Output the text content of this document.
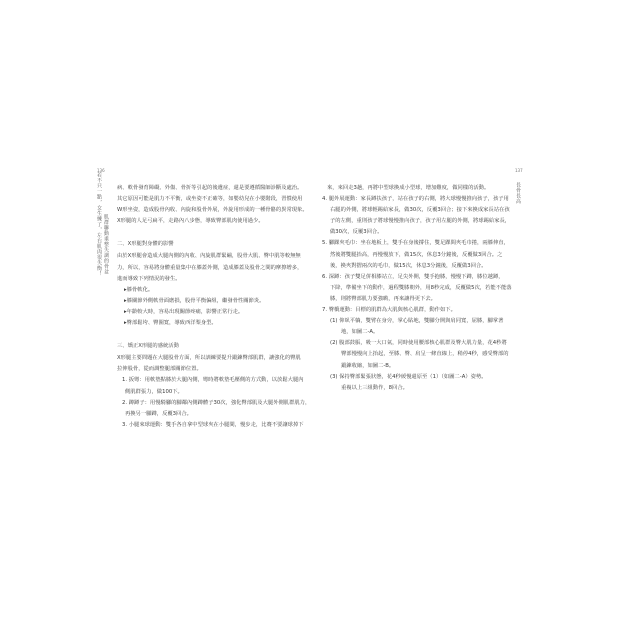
136
若不只一點，女生練了，左右肌肉很失衡！ 肌群聯動重整失調的骨盆

病、軟骨發育障礙、外傷、骨折等引起的後遺症，還是要遵循醫師診斷及處治。

其它原因可能是肌力不平衡，或坐姿不正確等，如嬰幼兒在小嬰階段，習慣使用

W形坐姿，造成股骨內收、內旋和股骨外展，外旋用形成的一種骨骼的異常現象。

X形腿的人足弓扁平，走路內八步態，導致臀部肌肉使用過少。

二、X形腿對身體的影響

由於X形腿會造成大腿內側的內收、內旋肌群緊繃，股骨大肌、臀中肌等較無無

力，所以，容易將身體重量集中在膝蓋外側，造成膝蓋及股骨之間的摩擦增多，

進而導致下列情況的發生。

▸膝骨軟化。

▸膝關節外側軟骨面磨損，股骨平衡偏組，繼發骨性關節炎。

▸年齡較大時，容易出現關節疼痛，影響正常行走。

▸臀部鬆垮、臀圍寬，導致西洋梨身型。

三、矯正X形腿的感統活動

X形腿主要問題在大腿股骨方面，所以訓練要提升鍛鍊臀部肌群，讓強化的臀肌

拉伸股骨，從而調整腿部關節位置。

1. 扳彎：用軟墊點膝於大腿內側，彎時將軟墊毛壓側的方式動，以放鬆大腿內

側肌群張力，做100下。

2. 蹲蹲子：用慢騎腳的腳鄰內側蹲體子30次，強化臀部肌及大腿外側肌群肌力，

再換另一腳蹲，反覆3回合。

3. 小腿來球運動：雙手各自拿中型球夾在小腿間，慢步走，比賽不要讓球掉下

137
長骨長高

來，來回走3趟，再將中型球換成小型球，增加難度，做同樣的活動。

4. 腿外展運動：家長蹲扶孩子，站在孩子的右側，將大球慢慢推向孩子，孩子用

右腿的外側，將球輕踢給家長，做30次，反覆3回合；接下來換成家長站在孩

子的左側，重則孩子將球慢慢推向孩子，孩子用左腿的外側，將球踢給家長，

做30次，反覆3回合。

5. 腳踝夾毛巾：坐在地板上，雙手在身後撐住，雙足踝間夾毛巾捲，兩膝伸直，

然後將雙腿抬高，再慢慢放下，做15次，休息3分鐘後，反覆做3回合。之

後，換夾對摺兩次的毛巾，做15次，休息3分鐘後，反覆做3回合。

6. 深蹲：孩子雙足併相膝站立，足尖外開，雙手抱膝，慢慢下蹲，膝位越蹲，

下降，準備坐下的動作，過程雙膝朝外，用8秒完成，反覆做5次，若能不能落

膝，則將臀部肌力要強喲，再來讓得更下去。

7. 臀橋運動：目標的肌群為大肌與核心肌群，動作如下。

(1) 仰臥平躺，雙臂在身旁，掌心貼地，雙腳分開與肩同寬，屈膝，腳掌著

地，如圖二-A。

(2) 腹部鼓脹，吸一大口氣，同時使用腰部核心肌群及臀大肌力量，花4秒將

臀部慢慢向上抬起，至膝、臀、肩呈一條直線上，稍停4秒，感受臀部的

鍛鍊收縮，如圖二-B。

(3) 保持臀部緊張狀態，花4秒緩慢還原至（1）（如圖二-A）姿勢。

重複以上三組動作，8回合。
